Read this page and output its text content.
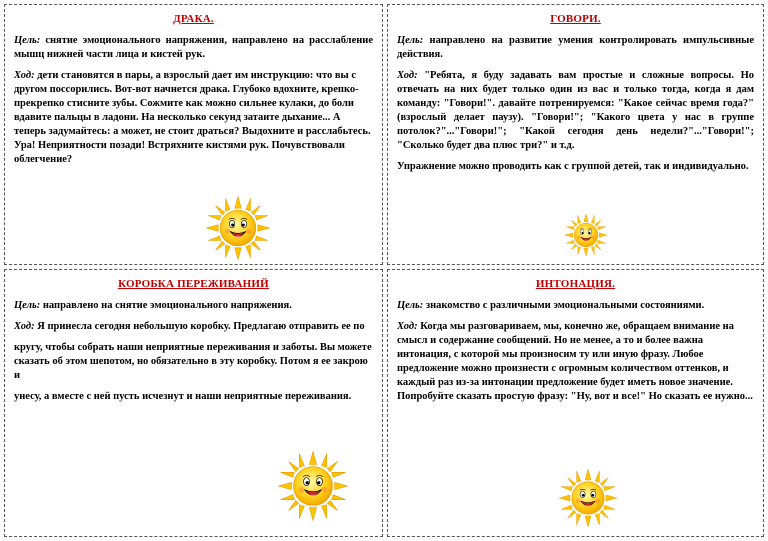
ДРАКА.

Цель: снятие эмоционального напряжения, направлено на расслабление мышц нижней части лица и кистей рук.

Ход: дети становятся в пары, а взрослый дает им инструкцию: что вы с другом поссорились. Вот-вот начнется драка. Глубоко вдохните, крепко-прекрепко стисните зубы. Сожмите как можно сильнее кулаки, до боли вдавите пальцы в ладони. На несколько секунд затаите дыхание... А теперь задумайтесь: а может, не стоит драться? Выдохните и расслабьтесь. Ура! Неприятности позади! Встряхните кистями рук. Почувствовали облегчение?

ГОВОРИ.

Цель: направлено на развитие умения контролировать импульсивные действия.

Ход: "Ребята, я буду задавать вам простые и сложные вопросы. Но отвечать на них будет только один из вас и только тогда, когда я дам команду: "Говори!". давайте потренируемся: "Какое сейчас время года?" (взрослый делает паузу). "Говори!"; "Какого цвета у нас в группе потолок?"..."Говори!"; "Какой сегодня день недели?"..."Говори!"; "Сколько будет два плюс три?" и т.д.

Упражнение можно проводить как с группой детей, так и индивидуально.

КОРОБКА ПЕРЕЖИВАНИЙ

Цель: направлено на снятие эмоционального напряжения.

Ход: Я принесла сегодня небольшую коробку. Предлагаю отправить ее по

кругу, чтобы собрать наши неприятные переживания и заботы. Вы можете сказать об этом шепотом, но обязательно в эту коробку. Потом я ее закрою и

унесу, а вместе с ней пусть исчезнут и наши неприятные переживания.

ИНТОНАЦИЯ.

Цель: знакомство с различными эмоциональными состояниями.

Ход: Когда мы разговариваем, мы, конечно же, обращаем внимание на смысл и содержание сообщений. Но не менее, а то и более важна интонация, с которой мы произносим ту или иную фразу. Любое предложение можно произнести с огромным количеством оттенков, и каждый раз из-за интонации предложение будет иметь новое значение. Попробуйте сказать простую фразу: "Ну, вот и все!" Но сказать ее нужно...
